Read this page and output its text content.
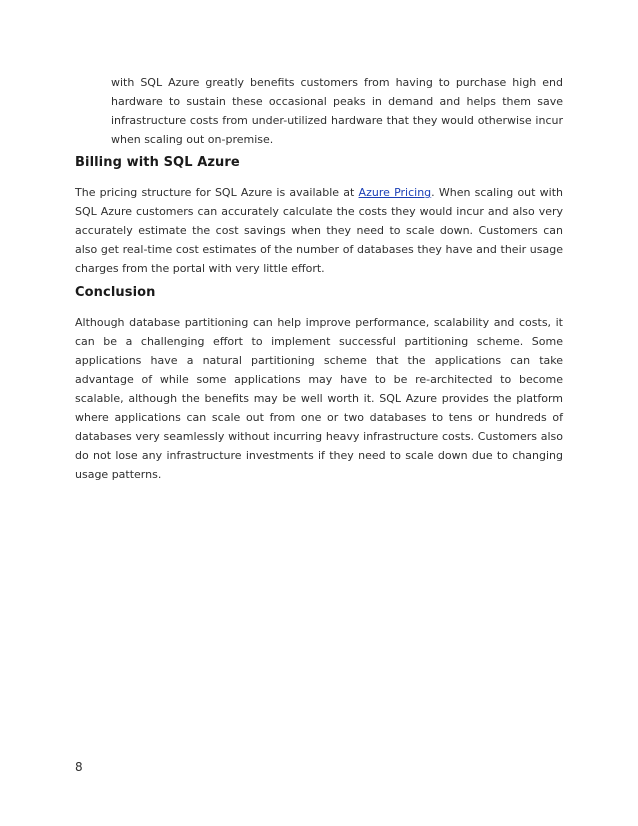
with SQL Azure greatly benefits customers from having to purchase high end hardware to sustain these occasional peaks in demand and helps them save infrastructure costs from under-utilized hardware that they would otherwise incur when scaling out on-premise.

Billing with SQL Azure

The pricing structure for SQL Azure is available at Azure Pricing. When scaling out with SQL Azure customers can accurately calculate the costs they would incur and also very accurately estimate the cost savings when they need to scale down. Customers can also get real-time cost estimates of the number of databases they have and their usage charges from the portal with very little effort.

Conclusion

Although database partitioning can help improve performance, scalability and costs, it can be a challenging effort to implement successful partitioning scheme. Some applications have a natural partitioning scheme that the applications can take advantage of while some applications may have to be re-architected to become scalable, although the benefits may be well worth it. SQL Azure provides the platform where applications can scale out from one or two databases to tens or hundreds of databases very seamlessly without incurring heavy infrastructure costs. Customers also do not lose any infrastructure investments if they need to scale down due to changing usage patterns.

8
